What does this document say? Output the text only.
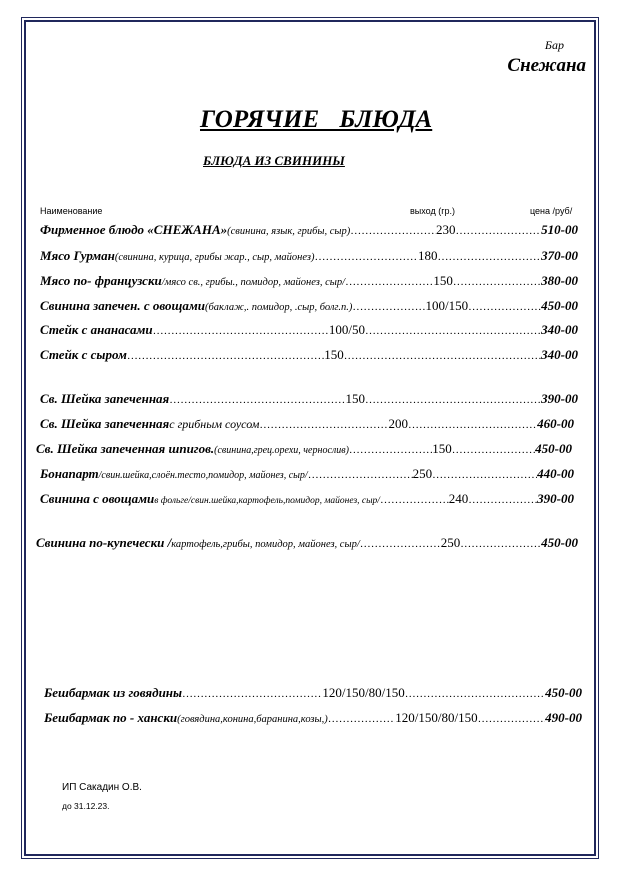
Бар
Снежана
ГОРЯЧИЕ БЛЮДА
БЛЮДА ИЗ СВИНИНЫ
Наименование	выход (гр.)	цена /руб/
Фирменное блюдо «СНЕЖАНА» (свинина, язык, грибы, сыр) …………………………………………………………………………………………………………………………………………………………………………………	230 …………………………………………………………………………………………………………………………………………………………………………………	510-00
Мясо Гурман (свинина, курица, грибы жар., сыр, майонез) …………………………………………………………………………………………………………………………………………………………………………………	180 …………………………………………………………………………………………………………………………………………………………………………………	370-00
Мясо по- французски /мясо св., грибы., помидор, майонез, сыр/ …………………………………………………………………………………………………………………………………………………………………………………	150 …………………………………………………………………………………………………………………………………………………………………………………	380-00
Свинина запечен. с овощами (баклаж,. помидор, .сыр, болг.п.) …………………………………………………………………………………………………………………………………………………………………………………	100/150 …………………………………………………………………………………………………………………………………………………………………………………	450-00
Стейк с ананасами …………………………………………………………………………………………………………………………………………………………………………………	100/50 …………………………………………………………………………………………………………………………………………………………………………………	340-00
Стейк с сыром …………………………………………………………………………………………………………………………………………………………………………………	150 …………………………………………………………………………………………………………………………………………………………………………………	340-00
Св. Шейка запеченная …………………………………………………………………………………………………………………………………………………………………………………	150 …………………………………………………………………………………………………………………………………………………………………………………	390-00
Св. Шейка запеченная с грибным соусом …………………………………………………………………………………………………………………………………………………………………………………	200 …………………………………………………………………………………………………………………………………………………………………………………	460-00
Св. Шейка запеченная шпигов. (свинина,грец.орехи, чернослив) …………………………………………………………………………………………………………………………………………………………………………………	150 …………………………………………………………………………………………………………………………………………………………………………………	450-00
Бонапарт /свин.шейка,слоён.тесто,помидор, майонез, сыр/ …………………………………………………………………………………………………………………………………………………………………………………	250 …………………………………………………………………………………………………………………………………………………………………………………	440-00
Свинина с овощами в фольге/свин.шейка,картофель,помидор, майонез, сыр/ …………………………………………………………………………………………………………………………………………………………………………………	240 …………………………………………………………………………………………………………………………………………………………………………………	390-00
Свинина по-купечески / картофель,грибы, помидор, майонез, сыр/ …………………………………………………………………………………………………………………………………………………………………………………	250 …………………………………………………………………………………………………………………………………………………………………………………	450-00
Бешбармак из говядины …………………………………………………………………………………………………………………………………………………………………………………	120/150/80/150 …………………………………………………………………………………………………………………………………………………………………………………	450-00
Бешбармак по - хански (говядина,конина,баранина,козы,) …………………………………………………………………………………………………………………………………………………………………………………	120/150/80/150 …………………………………………………………………………………………………………………………………………………………………………………	490-00
ИП Сакадин О.В.
до 31.12.23.
